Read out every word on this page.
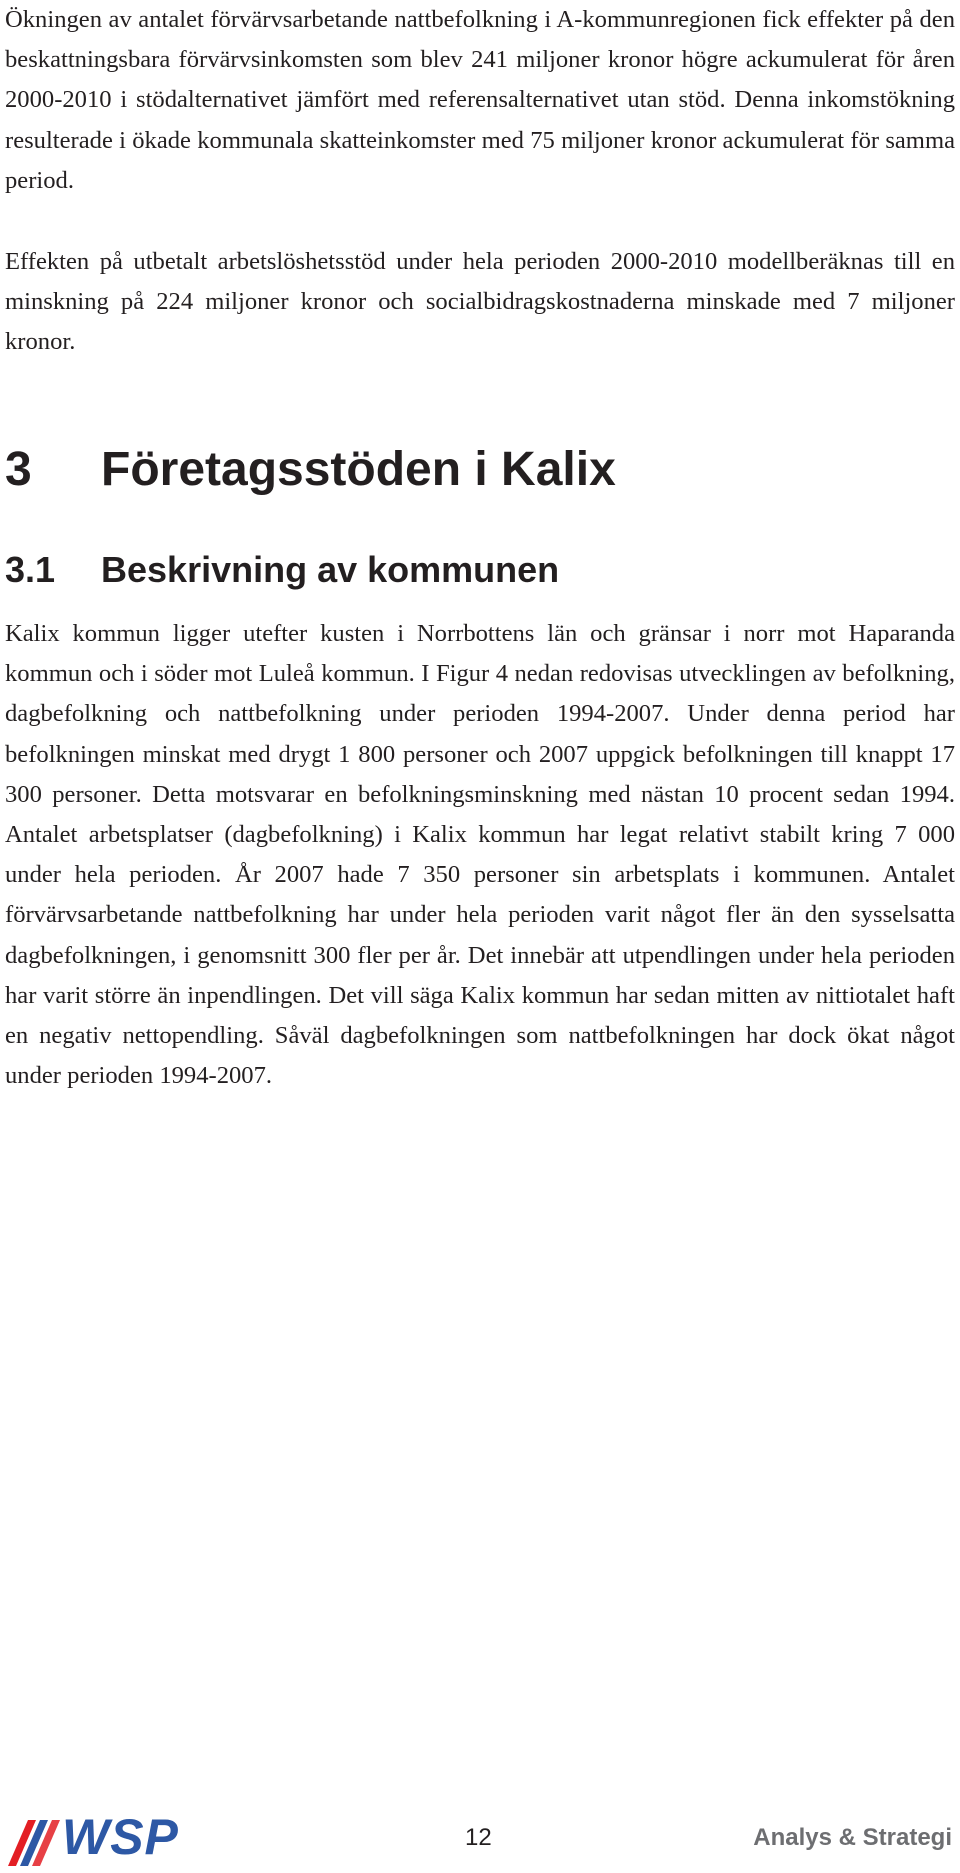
Ökningen av antalet förvärvsarbetande nattbefolkning i A-kommunregionen fick effekter på den beskattningsbara förvärvsinkomsten som blev 241 miljoner kronor högre ackumulerat för åren 2000-2010 i stödalternativet jämfört med referensalternativet utan stöd. Denna inkomstökning resulterade i ökade kommunala skatteinkomster med 75 miljoner kronor ackumulerat för samma period.

Effekten på utbetalt arbetslöshetsstöd under hela perioden 2000-2010 modellberäknas till en minskning på 224 miljoner kronor och socialbidragskostnaderna minskade med 7 miljoner kronor.

3 Företagsstöden i Kalix
3.1 Beskrivning av kommunen

Kalix kommun ligger utefter kusten i Norrbottens län och gränsar i norr mot Haparanda kommun och i söder mot Luleå kommun. I Figur 4 nedan redovisas utvecklingen av befolkning, dagbefolkning och nattbefolkning under perioden 1994-2007. Under denna period har befolkningen minskat med drygt 1 800 personer och 2007 uppgick befolkningen till knappt 17 300 personer. Detta motsvarar en befolkningsminskning med nästan 10 procent sedan 1994. Antalet arbetsplatser (dagbefolkning) i Kalix kommun har legat relativt stabilt kring 7 000 under hela perioden. År 2007 hade 7 350 personer sin arbetsplats i kommunen. Antalet förvärvsarbetande nattbefolkning har under hela perioden varit något fler än den sysselsatta dagbefolkningen, i genomsnitt 300 fler per år. Det innebär att utpendlingen under hela perioden har varit större än inpendlingen. Det vill säga Kalix kommun har sedan mitten av nittiotalet haft en negativ nettopendling. Såväl dagbefolkningen som nattbefolkningen har dock ökat något under perioden 1994-2007.

WSP	12	Analys & Strategi
